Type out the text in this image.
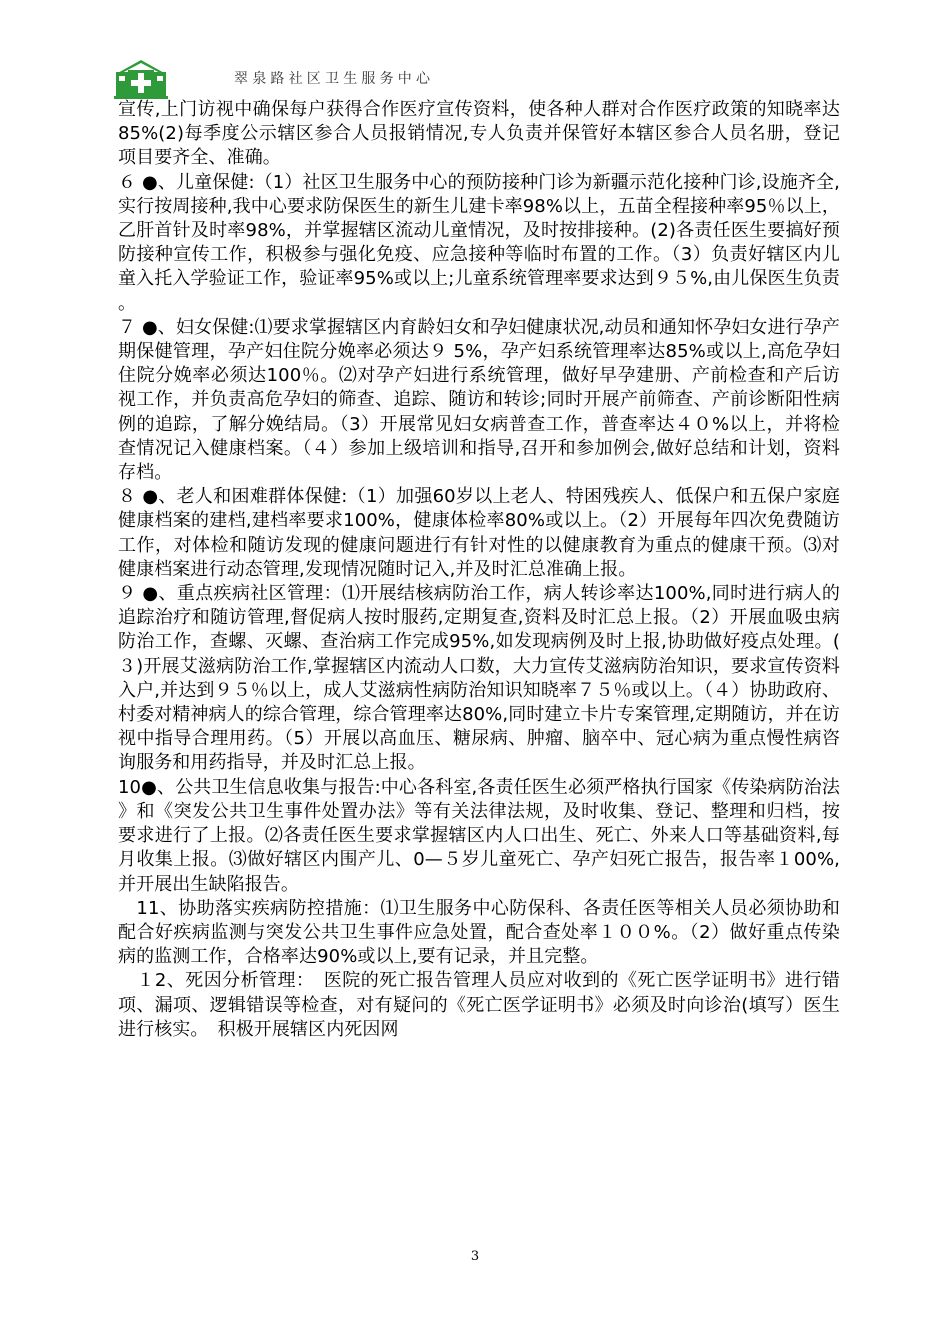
翠泉路社区卫生服务中心

宣传,上门访视中确保每户获得合作医疗宣传资料，使各种人群对合作医疗政策的知晓率达85%(2)每季度公示辖区参合人员报销情况,专人负责并保管好本辖区参合人员名册，登记项目要齐全、准确。

６ ●、儿童保健:（1）社区卫生服务中心的预防接种门诊为新疆示范化接种门诊,设施齐全,实行按周接种,我中心要求防保医生的新生儿建卡率98%以上，五苗全程接种率95％以上，乙肝首针及时率98%，并掌握辖区流动儿童情况，及时按排接种。(2)各责任医生要搞好预防接种宣传工作，积极参与强化免疫、应急接种等临时布置的工作。（3）负责好辖区内儿童入托入学验证工作，验证率95%或以上;儿童系统管理率要求达到９５%,由儿保医生负责。

７ ●、妇女保健:⑴要求掌握辖区内育龄妇女和孕妇健康状况,动员和通知怀孕妇女进行孕产期保健管理，孕产妇住院分娩率必须达９ 5%，孕产妇系统管理率达85%或以上,高危孕妇住院分娩率必须达100％。⑵对孕产妇进行系统管理，做好早孕建册、产前检查和产后访视工作，并负责高危孕妇的筛查、追踪、随访和转诊;同时开展产前筛查、产前诊断阳性病例的追踪，了解分娩结局。（3）开展常见妇女病普查工作，普查率达４０%以上，并将检查情况记入健康档案。（４）参加上级培训和指导,召开和参加例会,做好总结和计划，资料存档。

８ ●、老人和困难群体保健:（1）加强60岁以上老人、特困残疾人、低保户和五保户家庭健康档案的建档,建档率要求100%，健康体检率80%或以上。（2）开展每年四次免费随访工作，对体检和随访发现的健康问题进行有针对性的以健康教育为重点的健康干预。⑶对健康档案进行动态管理,发现情况随时记入,并及时汇总准确上报。

９ ●、重点疾病社区管理：⑴开展结核病防治工作，病人转诊率达100%,同时进行病人的追踪治疗和随访管理,督促病人按时服药,定期复查,资料及时汇总上报。（2）开展血吸虫病防治工作，查螺、灭螺、查治病工作完成95%,如发现病例及时上报,协助做好疫点处理。(３)开展艾滋病防治工作,掌握辖区内流动人口数，大力宣传艾滋病防治知识，要求宣传资料入户,并达到９５％以上，成人艾滋病性病防治知识知晓率７５％或以上。（４）协助政府、村委对精神病人的综合管理，综合管理率达80%,同时建立卡片专案管理,定期随访，并在访视中指导合理用药。（5）开展以高血压、糖尿病、肿瘤、脑卒中、冠心病为重点慢性病咨询服务和用药指导，并及时汇总上报。

10●、公共卫生信息收集与报告:中心各科室,各责任医生必须严格执行国家《传染病防治法》和《突发公共卫生事件处置办法》等有关法律法规，及时收集、登记、整理和归档，按要求进行了上报。⑵各责任医生要求掌握辖区内人口出生、死亡、外来人口等基础资料,每月收集上报。⑶做好辖区内围产儿、0—５岁儿童死亡、孕产妇死亡报告，报告率１00%,并开展出生缺陷报告。

　11、协助落实疾病防控措施：⑴卫生服务中心防保科、各责任医等相关人员必须协助和配合好疾病监测与突发公共卫生事件应急处置，配合查处率１００%。（2）做好重点传染病的监测工作，合格率达90%或以上,要有记录，并且完整。

　１2、死因分析管理：　医院的死亡报告管理人员应对收到的《死亡医学证明书》进行错项、漏项、逻辑错误等检查，对有疑问的《死亡医学证明书》必须及时向诊治(填写）医生进行核实。　积极开展辖区内死因网

3
